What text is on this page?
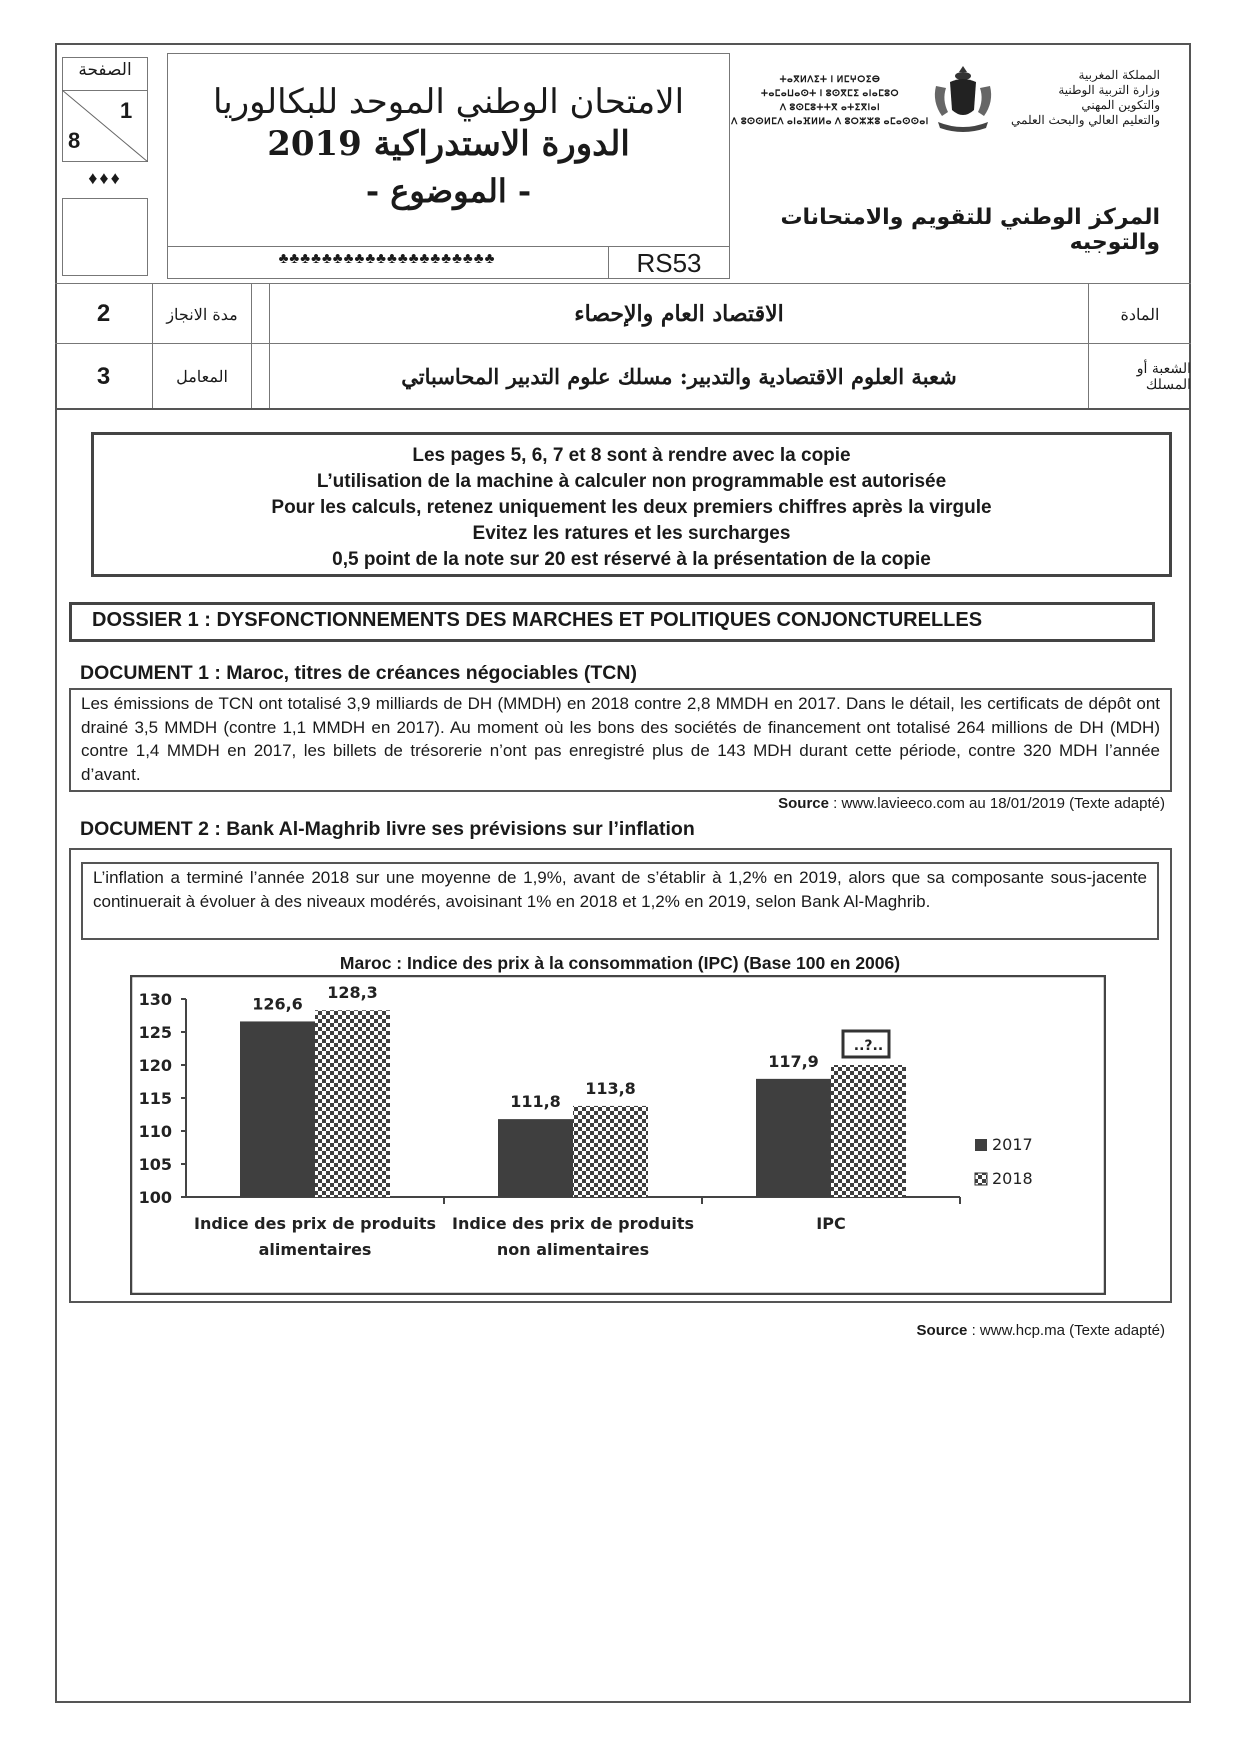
الصفحة
1
8
♦♦♦
الامتحان الوطني الموحد للبكالوريا
الدورة الاستدراكية 2019
- الموضوع -
♣♣♣♣♣♣♣♣♣♣♣♣♣♣♣♣♣♣♣♣	RS53
ⵜⴰⴳⵍⴷⵉⵜ ⵏ ⵍⵎⵖⵔⵉⴱ
ⵜⴰⵎⴰⵡⴰⵙⵜ ⵏ ⵓⵙⴳⵎⵉ ⴰⵏⴰⵎⵓⵔ
ⴷ ⵓⵙⵎⵓⵜⵜⴳ ⴰⵜⵉⴳⵏⴰⵏ
ⴷ ⵓⵙⵙⵍⵎⴷ ⴰⵏⴰⴼⵍⵍⴰ ⴷ ⵓⵔⵣⵣⵓ ⴰⵎⴰⵙⵙⴰⵏ
المملكة المغربية
وزارة التربية الوطنية
والتكوين المهني
والتعليم العالي والبحث العلمي
المركز الوطني للتقويم والامتحانات والتوجيه
2	مدة الانجاز	الاقتصاد العام والإحصاء	المادة
3	المعامل	شعبة العلوم الاقتصادية والتدبير: مسلك علوم التدبير المحاسباتي	الشعبة أو المسلك
Les pages 5, 6, 7 et 8 sont à rendre avec la copie
L’utilisation de la machine à calculer non programmable est autorisée
Pour les calculs, retenez uniquement les deux premiers chiffres après la virgule
Evitez les ratures et les surcharges
0,5 point de la note sur 20 est réservé à la présentation de la copie
DOSSIER 1 : DYSFONCTIONNEMENTS DES MARCHES ET POLITIQUES CONJONCTURELLES
DOCUMENT 1 : Maroc, titres de créances négociables (TCN)
Les émissions de TCN ont totalisé 3,9 milliards de DH (MMDH) en 2018 contre 2,8 MMDH en 2017. Dans le détail, les certificats de dépôt ont drainé 3,5 MMDH (contre 1,1 MMDH en 2017). Au moment où les bons des sociétés de financement ont totalisé 264 millions de DH (MDH) contre 1,4 MMDH en 2017, les billets de trésorerie n’ont pas enregistré plus de 143 MDH durant cette période, contre 320 MDH l’année d’avant.
Source : www.lavieeco.com au 18/01/2019 (Texte adapté)
DOCUMENT 2 : Bank Al-Maghrib livre ses prévisions sur l’inflation
L’inflation a terminé l’année 2018 sur une moyenne de 1,9%, avant de s’établir à 1,2% en 2019, alors que sa composante sous-jacente continuerait à évoluer à des niveaux modérés, avoisinant 1% en 2018 et 1,2% en 2019, selon Bank Al-Maghrib.
Maroc : Indice des prix à la consommation (IPC) (Base 100 en 2006)
100
105
110
115
120
125
130	126,6
128,3
Indice des prix de produits
alimentaires
111,8
113,8
Indice des prix de produits
non alimentaires
117,9
..?..
IPC
2017
2018
Source : www.hcp.ma (Texte adapté)
